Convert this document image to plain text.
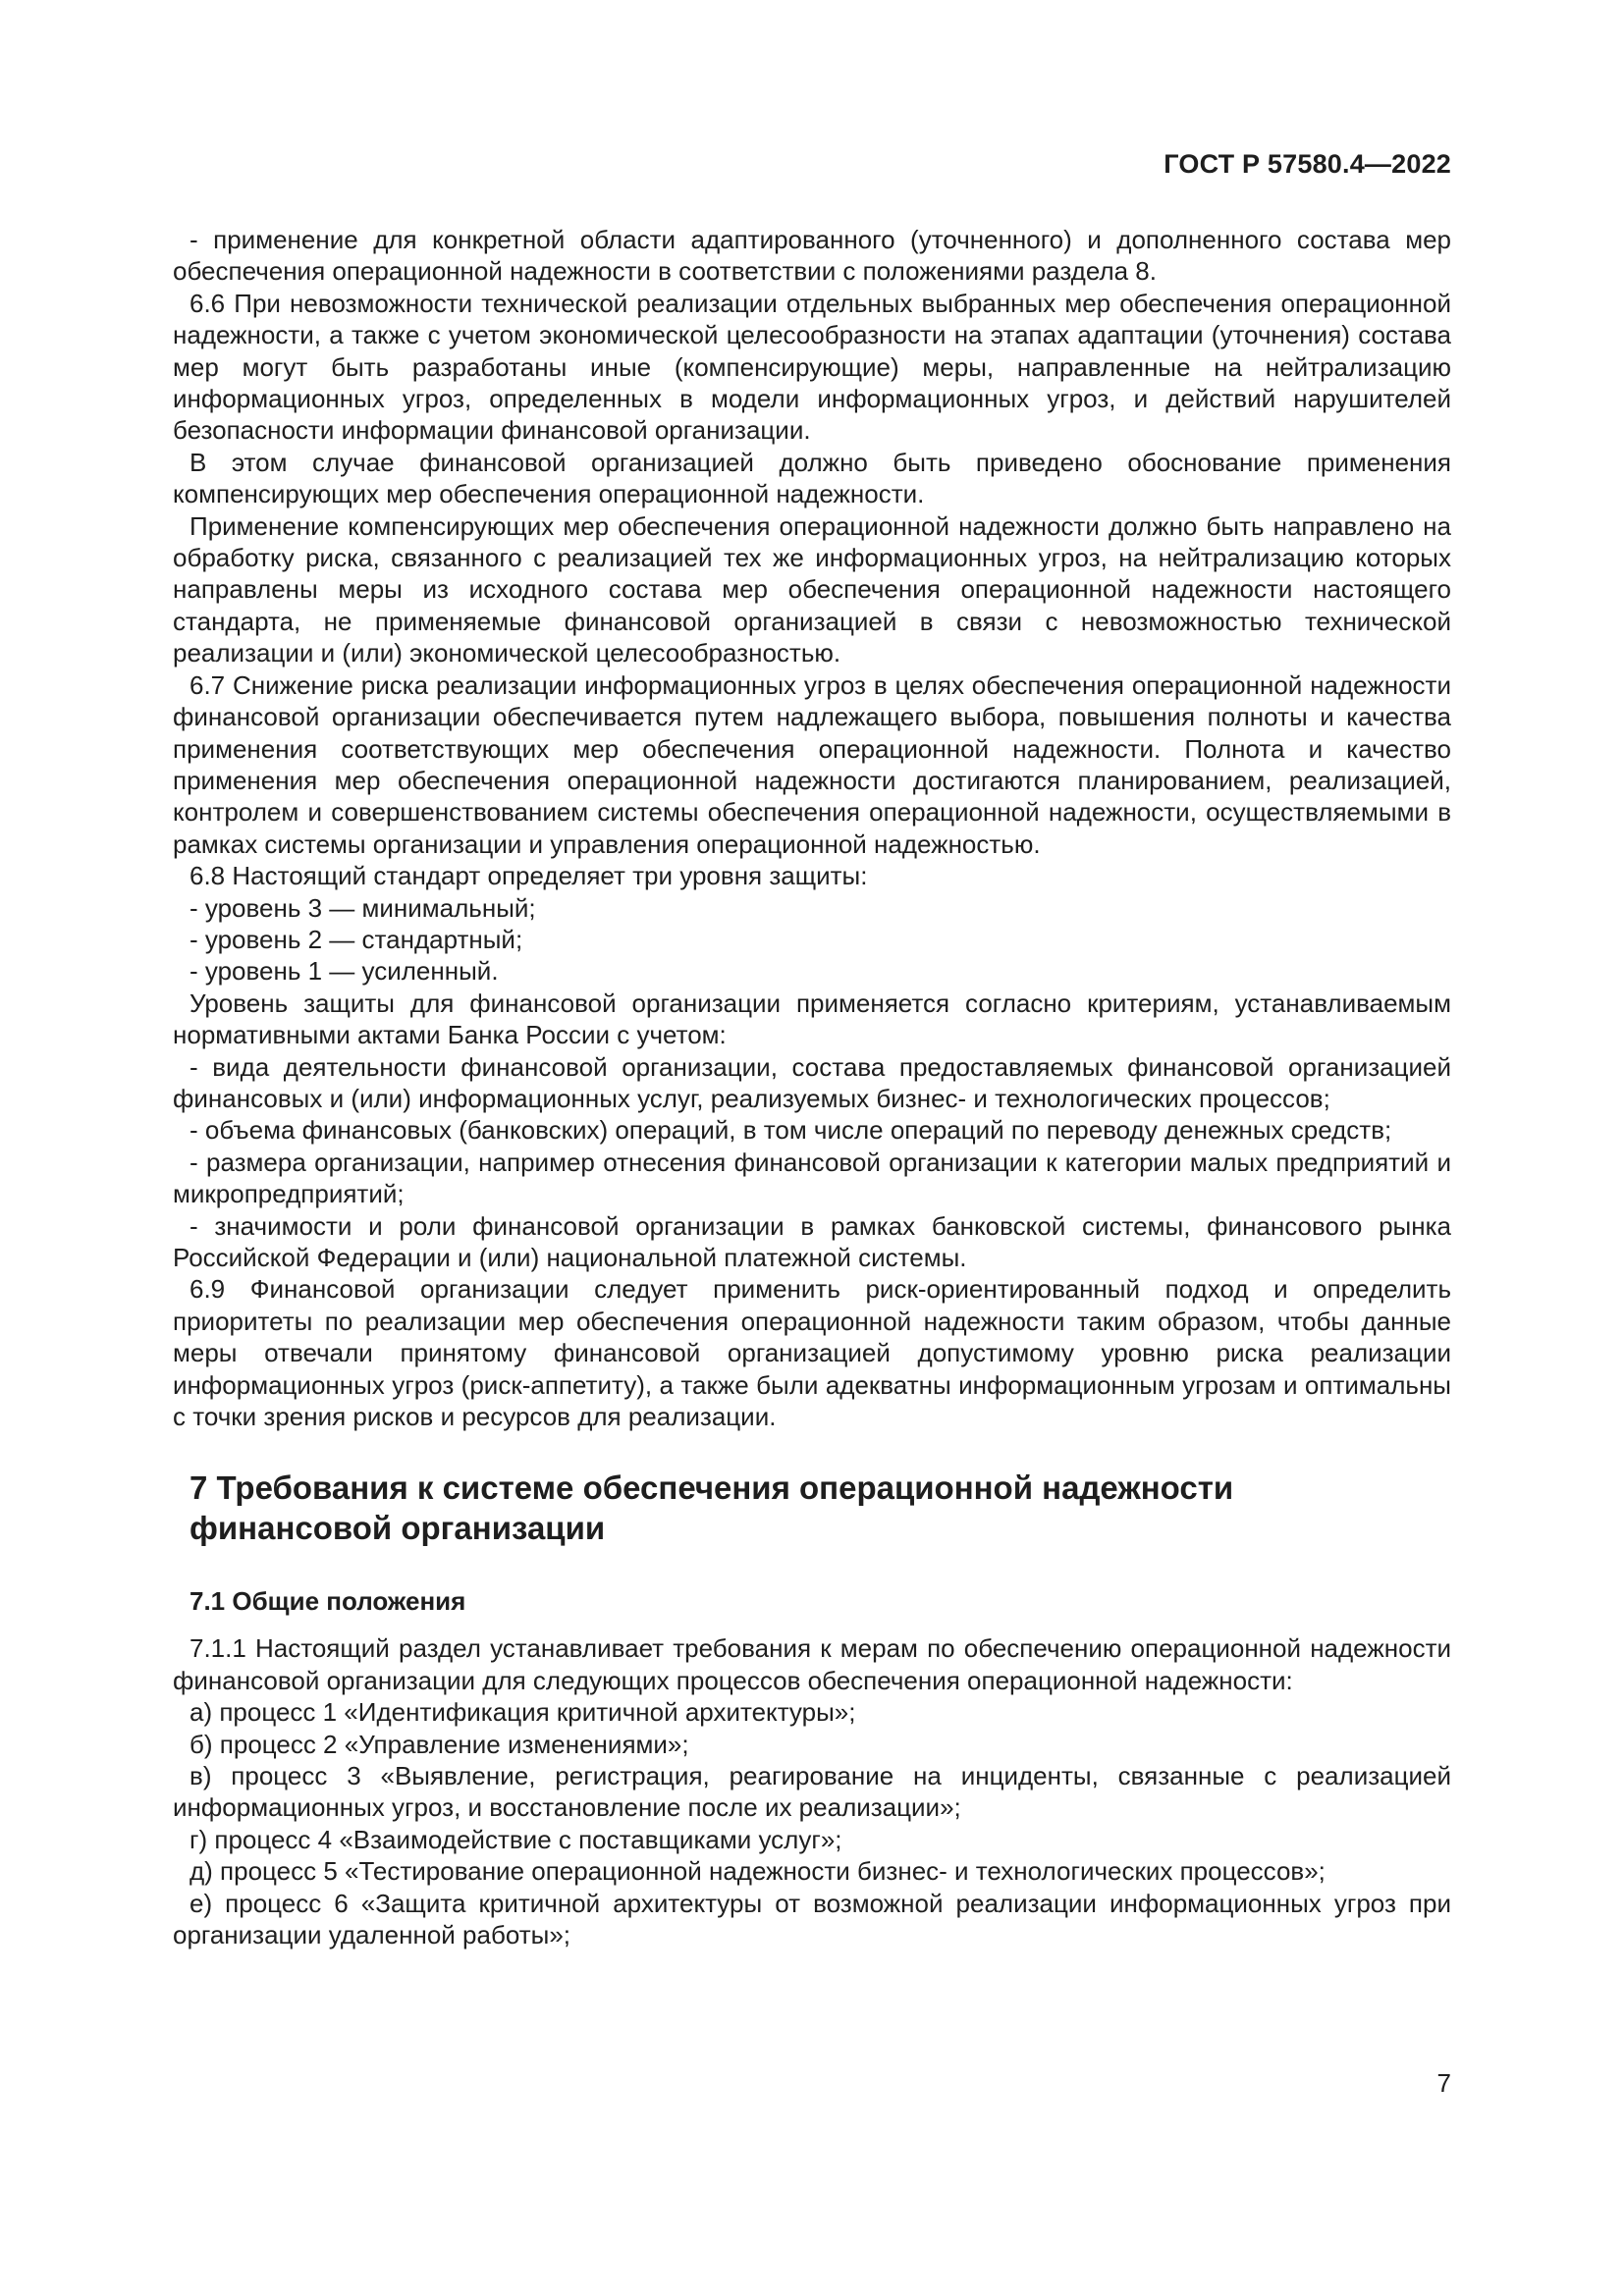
ГОСТ Р 57580.4—2022

- применение для конкретной области адаптированного (уточненного) и дополненного состава мер обеспечения операционной надежности в соответствии с положениями раздела 8.

6.6 При невозможности технической реализации отдельных выбранных мер обеспечения операционной надежности, а также с учетом экономической целесообразности на этапах адаптации (уточнения) состава мер могут быть разработаны иные (компенсирующие) меры, направленные на нейтрализацию информационных угроз, определенных в модели информационных угроз, и действий нарушителей безопасности информации финансовой организации.

В этом случае финансовой организацией должно быть приведено обоснование применения компенсирующих мер обеспечения операционной надежности.

Применение компенсирующих мер обеспечения операционной надежности должно быть направлено на обработку риска, связанного с реализацией тех же информационных угроз, на нейтрализацию которых направлены меры из исходного состава мер обеспечения операционной надежности настоящего стандарта, не применяемые финансовой организацией в связи с невозможностью технической реализации и (или) экономической целесообразностью.

6.7 Снижение риска реализации информационных угроз в целях обеспечения операционной надежности финансовой организации обеспечивается путем надлежащего выбора, повышения полноты и качества применения соответствующих мер обеспечения операционной надежности. Полнота и качество применения мер обеспечения операционной надежности достигаются планированием, реализацией, контролем и совершенствованием системы обеспечения операционной надежности, осуществляемыми в рамках системы организации и управления операционной надежностью.

6.8 Настоящий стандарт определяет три уровня защиты:

- уровень 3 — минимальный;

- уровень 2 — стандартный;

- уровень 1 — усиленный.

Уровень защиты для финансовой организации применяется согласно критериям, устанавливаемым нормативными актами Банка России с учетом:

- вида деятельности финансовой организации, состава предоставляемых финансовой организацией финансовых и (или) информационных услуг, реализуемых бизнес- и технологических процессов;

- объема финансовых (банковских) операций, в том числе операций по переводу денежных средств;

- размера организации, например отнесения финансовой организации к категории малых предприятий и микропредприятий;

- значимости и роли финансовой организации в рамках банковской системы, финансового рынка Российской Федерации и (или) национальной платежной системы.

6.9 Финансовой организации следует применить риск-ориентированный подход и определить приоритеты по реализации мер обеспечения операционной надежности таким образом, чтобы данные меры отвечали принятому финансовой организацией допустимому уровню риска реализации информационных угроз (риск-аппетиту), а также были адекватны информационным угрозам и оптимальны с точки зрения рисков и ресурсов для реализации.

7 Требования к системе обеспечения операционной надежности
финансовой организации

7.1 Общие положения

7.1.1 Настоящий раздел устанавливает требования к мерам по обеспечению операционной надежности финансовой организации для следующих процессов обеспечения операционной надежности:

а) процесс 1 «Идентификация критичной архитектуры»;

б) процесс 2 «Управление изменениями»;

в) процесс 3 «Выявление, регистрация, реагирование на инциденты, связанные с реализацией информационных угроз, и восстановление после их реализации»;

г) процесс 4 «Взаимодействие с поставщиками услуг»;

д) процесс 5 «Тестирование операционной надежности бизнес- и технологических процессов»;

е) процесс 6 «Защита критичной архитектуры от возможной реализации информационных угроз при организации удаленной работы»;

7
